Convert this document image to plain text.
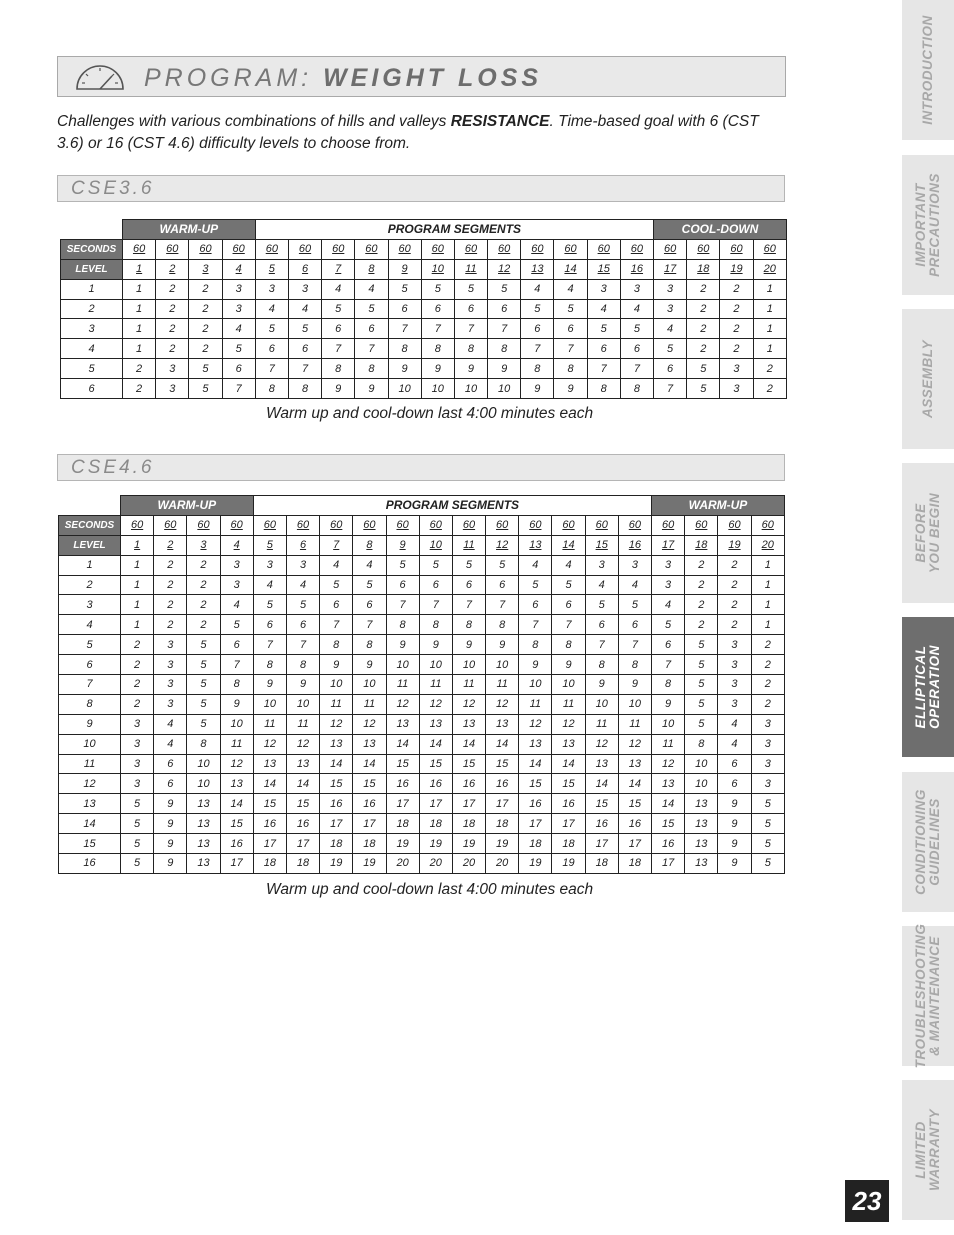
PROGRAM: WEIGHT LOSS
Challenges with various combinations of hills and valleys RESISTANCE. Time-based goal with 6 (CST 3.6) or 16 (CST 4.6) difficulty levels to choose from.
CSE3.6
	WARM-UP				PROGRAM SEGMENTS												COOL-DOWN			
SECONDS	60	60	60	60	60	60	60	60	60	60	60	60	60	60	60	60	60	60	60	60
LEVEL	1	2	3	4	5	6	7	8	9	10	11	12	13	14	15	16	17	18	19	20
1	1	2	2	3	3	3	4	4	5	5	5	5	4	4	3	3	3	2	2	1
2	1	2	2	3	4	4	5	5	6	6	6	6	5	5	4	4	3	2	2	1
3	1	2	2	4	5	5	6	6	7	7	7	7	6	6	5	5	4	2	2	1
4	1	2	2	5	6	6	7	7	8	8	8	8	7	7	6	6	5	2	2	1
5	2	3	5	6	7	7	8	8	9	9	9	9	8	8	7	7	6	5	3	2
6	2	3	5	7	8	8	9	9	10	10	10	10	9	9	8	8	7	5	3	2
Warm up and cool-down last 4:00 minutes each
CSE4.6
	WARM-UP				PROGRAM SEGMENTS												WARM-UP			
SECONDS	60	60	60	60	60	60	60	60	60	60	60	60	60	60	60	60	60	60	60	60
LEVEL	1	2	3	4	5	6	7	8	9	10	11	12	13	14	15	16	17	18	19	20
1	1	2	2	3	3	3	4	4	5	5	5	5	4	4	3	3	3	2	2	1
2	1	2	2	3	4	4	5	5	6	6	6	6	5	5	4	4	3	2	2	1
3	1	2	2	4	5	5	6	6	7	7	7	7	6	6	5	5	4	2	2	1
4	1	2	2	5	6	6	7	7	8	8	8	8	7	7	6	6	5	2	2	1
5	2	3	5	6	7	7	8	8	9	9	9	9	8	8	7	7	6	5	3	2
6	2	3	5	7	8	8	9	9	10	10	10	10	9	9	8	8	7	5	3	2
7	2	3	5	8	9	9	10	10	11	11	11	11	10	10	9	9	8	5	3	2
8	2	3	5	9	10	10	11	11	12	12	12	12	11	11	10	10	9	5	3	2
9	3	4	5	10	11	11	12	12	13	13	13	13	12	12	11	11	10	5	4	3
10	3	4	8	11	12	12	13	13	14	14	14	14	13	13	12	12	11	8	4	3
11	3	6	10	12	13	13	14	14	15	15	15	15	14	14	13	13	12	10	6	3
12	3	6	10	13	14	14	15	15	16	16	16	16	15	15	14	14	13	10	6	3
13	5	9	13	14	15	15	16	16	17	17	17	17	16	16	15	15	14	13	9	5
14	5	9	13	15	16	16	17	17	18	18	18	18	17	17	16	16	15	13	9	5
15	5	9	13	16	17	17	18	18	19	19	19	19	18	18	17	17	16	13	9	5
16	5	9	13	17	18	18	19	19	20	20	20	20	19	19	18	18	17	13	9	5
Warm up and cool-down last 4:00 minutes each
INTRODUCTION
IMPORTANT
PRECAUTIONS
ASSEMBLY
BEFORE
YOU BEGIN
ELLIPTICAL
OPERATION
CONDITIONING
GUIDELINES
TROUBLESHOOTING
& MAINTENANCE
LIMITED
WARRANTY
23
